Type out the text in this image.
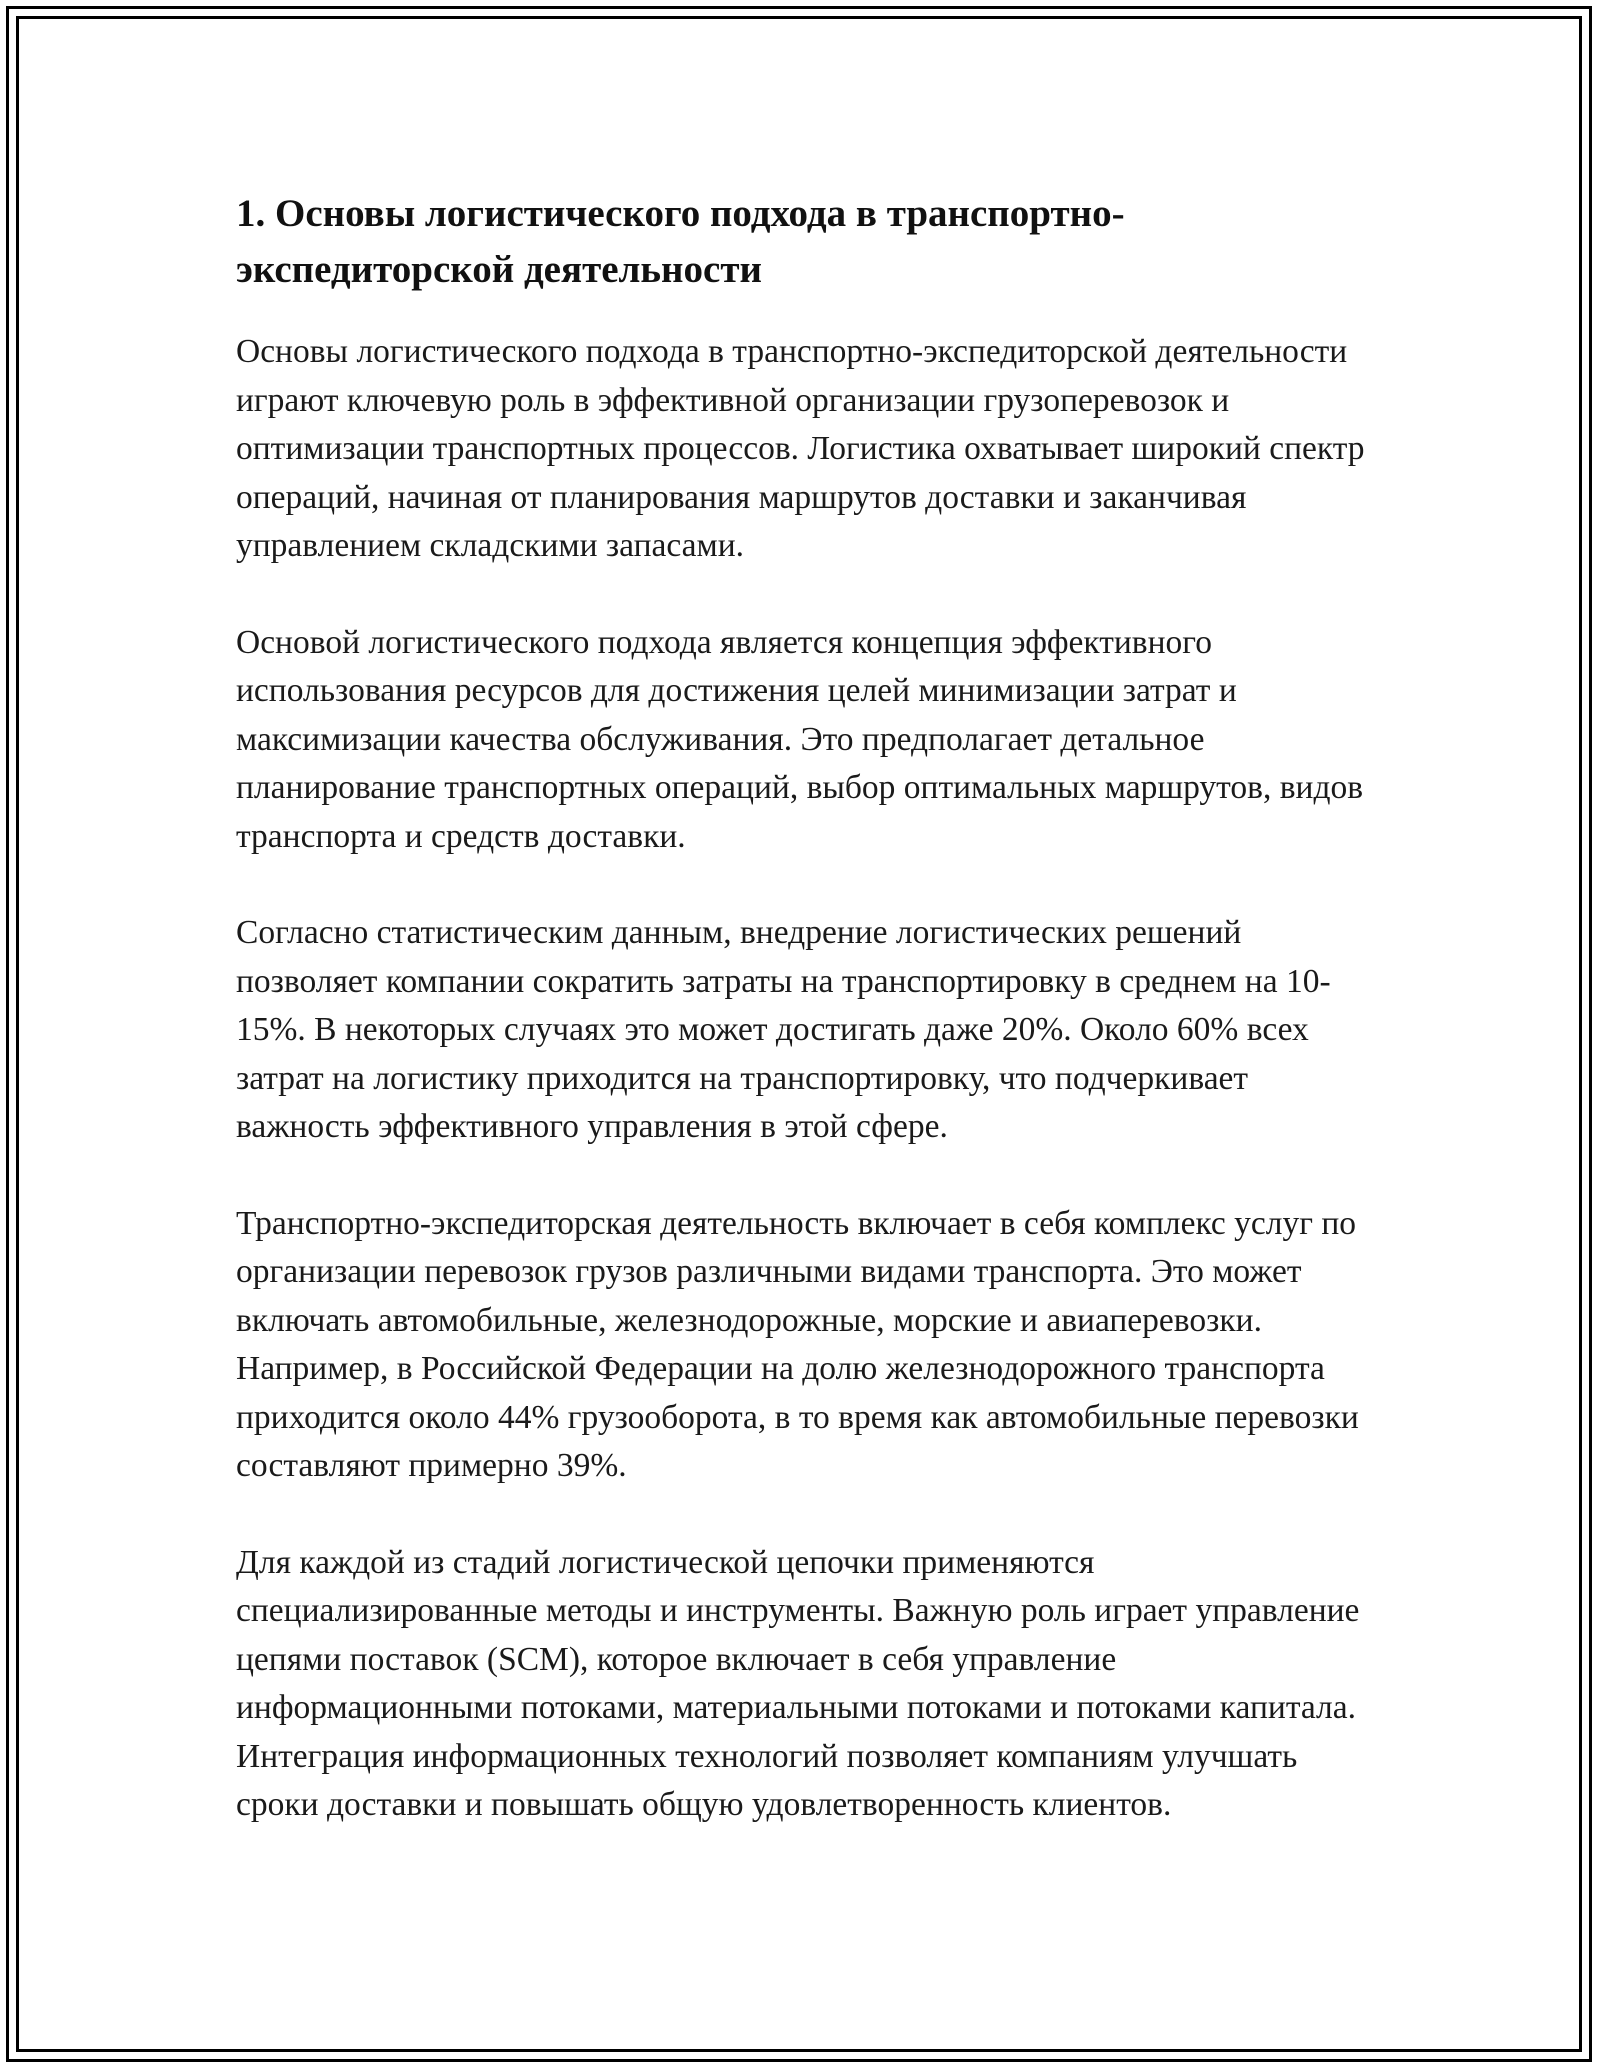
1. Основы логистического подхода в транспортно-экспедиторской деятельности

Основы логистического подхода в транспортно-экспедиторской деятельности играют ключевую роль в эффективной организации грузоперевозок и оптимизации транспортных процессов. Логистика охватывает широкий спектр операций, начиная от планирования маршрутов доставки и заканчивая управлением складскими запасами.

Основой логистического подхода является концепция эффективного использования ресурсов для достижения целей минимизации затрат и максимизации качества обслуживания. Это предполагает детальное планирование транспортных операций, выбор оптимальных маршрутов, видов транспорта и средств доставки.

Согласно статистическим данным, внедрение логистических решений позволяет компании сократить затраты на транспортировку в среднем на 10-15%. В некоторых случаях это может достигать даже 20%. Около 60% всех затрат на логистику приходится на транспортировку, что подчеркивает важность эффективного управления в этой сфере.

Транспортно-экспедиторская деятельность включает в себя комплекс услуг по организации перевозок грузов различными видами транспорта. Это может включать автомобильные, железнодорожные, морские и авиаперевозки. Например, в Российской Федерации на долю железнодорожного транспорта приходится около 44% грузооборота, в то время как автомобильные перевозки составляют примерно 39%.

Для каждой из стадий логистической цепочки применяются специализированные методы и инструменты. Важную роль играет управление цепями поставок (SCM), которое включает в себя управление информационными потоками, материальными потоками и потоками капитала. Интеграция информационных технологий позволяет компаниям улучшать сроки доставки и повышать общую удовлетворенность клиентов.
